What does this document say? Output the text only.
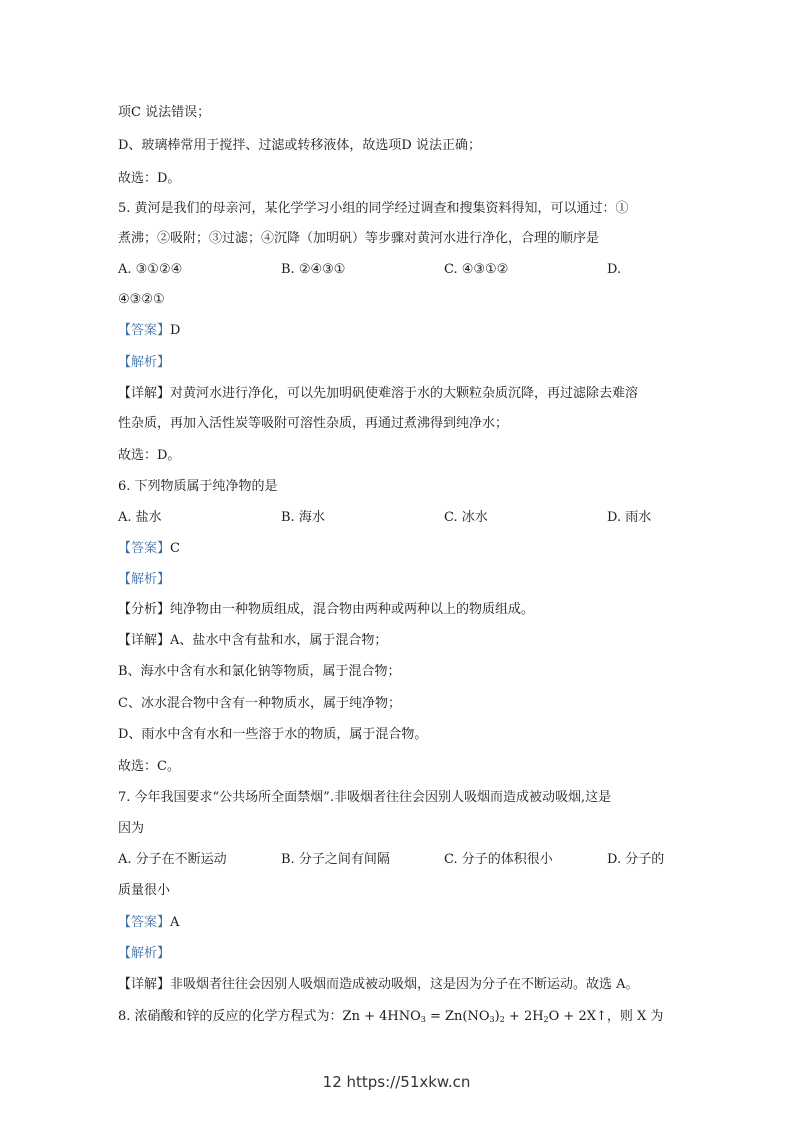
项C 说法错误；
D、玻璃棒常用于搅拌、过滤或转移液体，故选项D 说法正确；
故选：D。
5. 黄河是我们的母亲河，某化学学习小组的同学经过调查和搜集资料得知，可以通过：①
煮沸；②吸附；③过滤；④沉降（加明矾）等步骤对黄河水进行净化，合理的顺序是
A. ③①②④	B. ②④③①	C. ④③①②	D.
④③②①
【答案】D
【解析】
【详解】对黄河水进行净化，可以先加明矾使难溶于水的大颗粒杂质沉降，再过滤除去难溶
性杂质，再加入活性炭等吸附可溶性杂质，再通过煮沸得到纯净水；
故选：D。
6. 下列物质属于纯净物的是
A. 盐水	B. 海水	C. 冰水	D. 雨水
【答案】C
【解析】
【分析】纯净物由一种物质组成，混合物由两种或两种以上的物质组成。
【详解】A、盐水中含有盐和水，属于混合物；
B、海水中含有水和氯化钠等物质，属于混合物；
C、冰水混合物中含有一种物质水，属于纯净物；
D、雨水中含有水和一些溶于水的物质，属于混合物。
故选：C。
7. 今年我国要求“公共场所全面禁烟”.非吸烟者往往会因别人吸烟而造成被动吸烟,这是
因为
A. 分子在不断运动	B. 分子之间有间隔	C. 分子的体积很小	D. 分子的
质量很小
【答案】A
【解析】
【详解】非吸烟者往往会因别人吸烟而造成被动吸烟，这是因为分子在不断运动。故选 A。
8. 浓硝酸和锌的反应的化学方程式为：$Zn + 4HNO_3 = Zn(NO_3)_2 + 2H_2O$ + 2X↑，则 X 为
12 https://51xkw.cn
